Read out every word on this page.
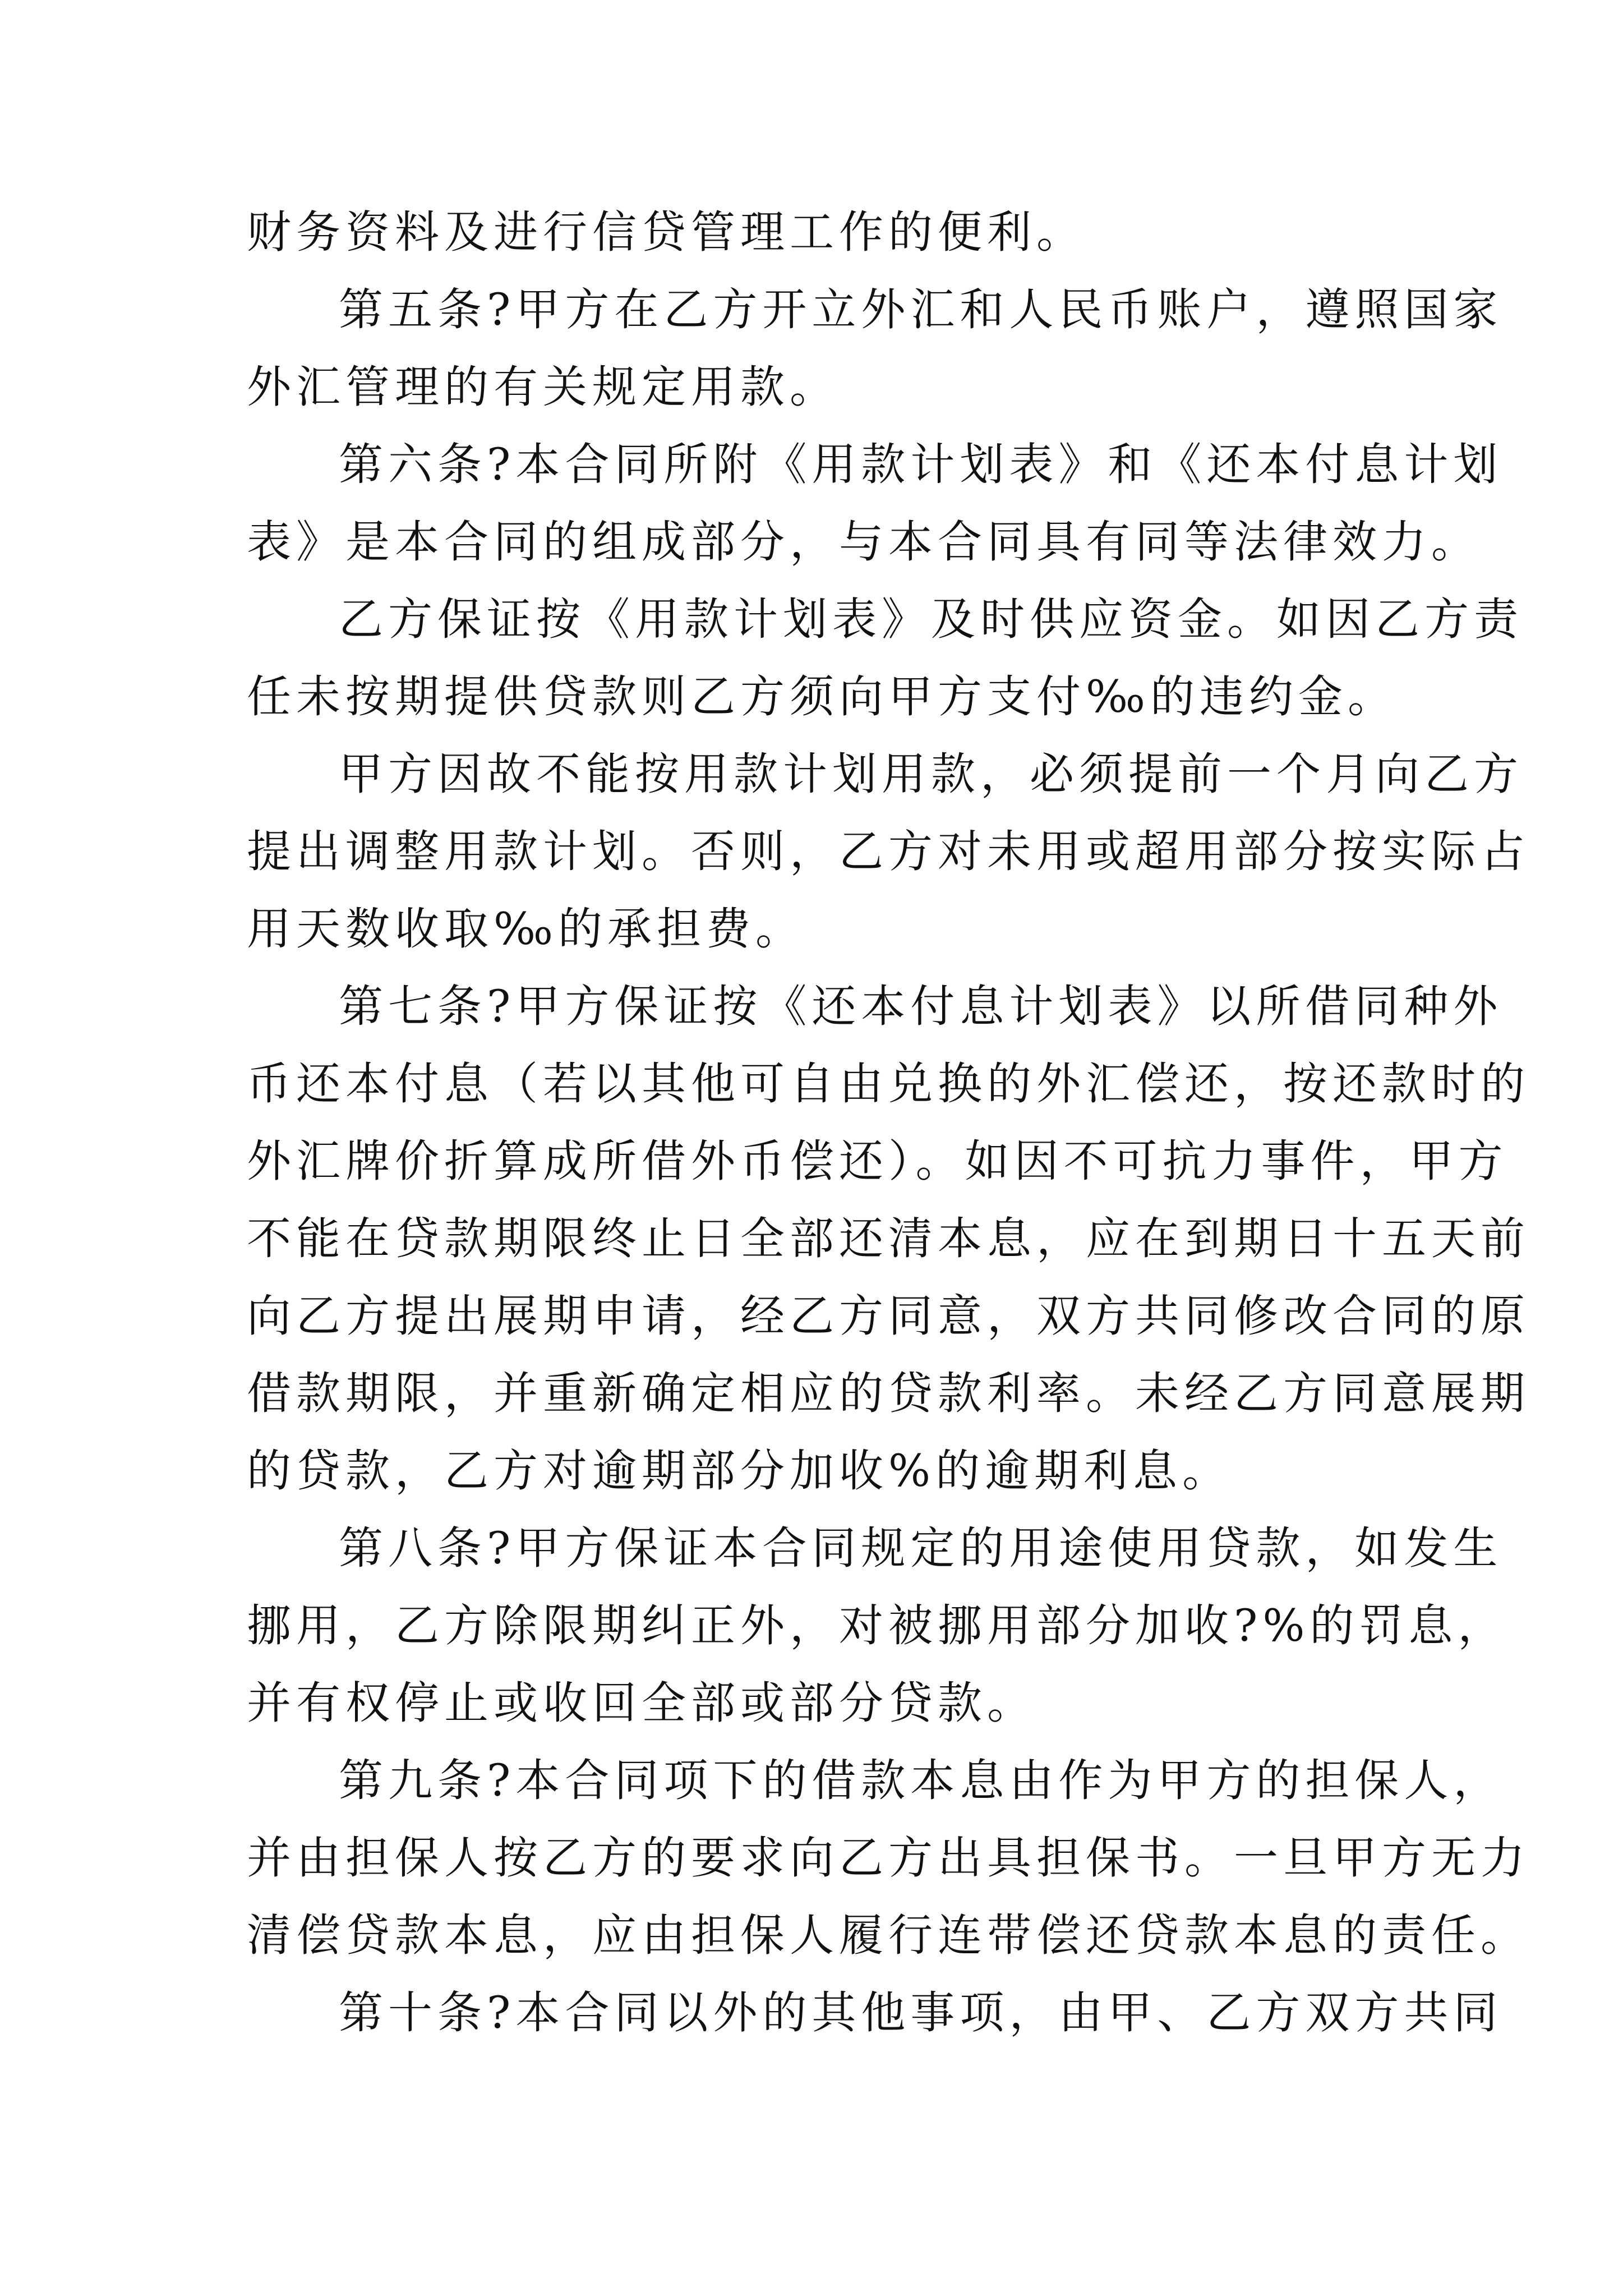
财务资料及进行信贷管理工作的便利。
第五条?甲方在乙方开立外汇和人民币账户，遵照国家
外汇管理的有关规定用款。
第六条?本合同所附《用款计划表》和《还本付息计划
表》是本合同的组成部分，与本合同具有同等法律效力。
乙方保证按《用款计划表》及时供应资金。如因乙方责
任未按期提供贷款则乙方须向甲方支付‰的违约金。
甲方因故不能按用款计划用款，必须提前一个月向乙方
提出调整用款计划。否则，乙方对未用或超用部分按实际占
用天数收取‰的承担费。
第七条?甲方保证按《还本付息计划表》以所借同种外
币还本付息（若以其他可自由兑换的外汇偿还，按还款时的
外汇牌价折算成所借外币偿还）。如因不可抗力事件，甲方
不能在贷款期限终止日全部还清本息，应在到期日十五天前
向乙方提出展期申请，经乙方同意，双方共同修改合同的原
借款期限，并重新确定相应的贷款利率。未经乙方同意展期
的贷款，乙方对逾期部分加收%的逾期利息。
第八条?甲方保证本合同规定的用途使用贷款，如发生
挪用，乙方除限期纠正外，对被挪用部分加收?%的罚息，
并有权停止或收回全部或部分贷款。
第九条?本合同项下的借款本息由作为甲方的担保人，
并由担保人按乙方的要求向乙方出具担保书。一旦甲方无力
清偿贷款本息，应由担保人履行连带偿还贷款本息的责任。
第十条?本合同以外的其他事项，由甲、乙方双方共同
